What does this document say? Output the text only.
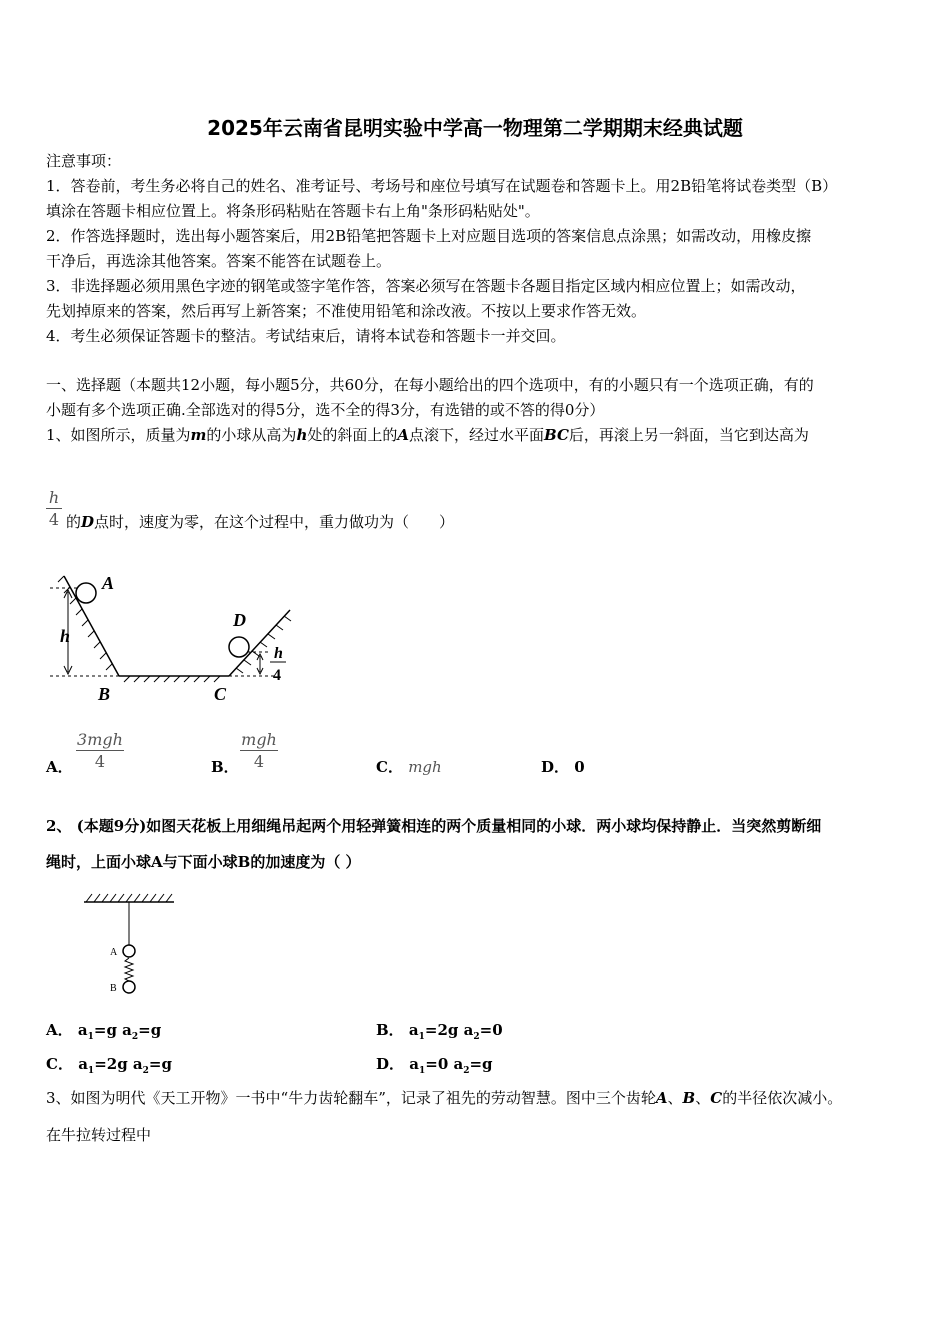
2025年云南省昆明实验中学高一物理第二学期期末经典试题
注意事项：
1．答卷前，考生务必将自己的姓名、准考证号、考场号和座位号填写在试题卷和答题卡上。用2B铅笔将试卷类型（B）
填涂在答题卡相应位置上。将条形码粘贴在答题卡右上角"条形码粘贴处"。
2．作答选择题时，选出每小题答案后，用2B铅笔把答题卡上对应题目选项的答案信息点涂黑；如需改动，用橡皮擦
干净后，再选涂其他答案。答案不能答在试题卷上。
3．非选择题必须用黑色字迹的钢笔或签字笔作答，答案必须写在答题卡各题目指定区域内相应位置上；如需改动，
先划掉原来的答案，然后再写上新答案；不准使用铅笔和涂改液。不按以上要求作答无效。
4．考生必须保证答题卡的整洁。考试结束后，请将本试卷和答题卡一并交回。
一、选择题（本题共12小题，每小题5分，共60分，在每小题给出的四个选项中，有的小题只有一个选项正确，有的
小题有多个选项正确.全部选对的得5分，选不全的得3分，有选错的或不答的得0分）
1、如图所示，质量为m的小球从高为h处的斜面上的A点滚下，经过水平面BC后，再滚上另一斜面，当它到达高为
h
4 的D点时，速度为零，在这个过程中，重力做功为（　　）
A
D
h
B	C
h
4
A．
3mgh
4	B．
mgh
4	C． mgh	D． 0
2、 (本题9分)如图天花板上用细绳吊起两个用轻弹簧相连的两个质量相同的小球．两小球均保持静止．当突然剪断细
绳时，上面小球A与下面小球B的加速度为（ ）
A
B
A． $a_1=g$ $a_2=g$	B． $a_1=2g$ $a_2=0$
C． $a_1=2g$ $a_2=g$	D． $a_1=0$ $a_2=g$
3、如图为明代《天工开物》一书中“牛力齿轮翻车”，记录了祖先的劳动智慧。图中三个齿轮A、B、C的半径依次减小。
在牛拉转过程中
